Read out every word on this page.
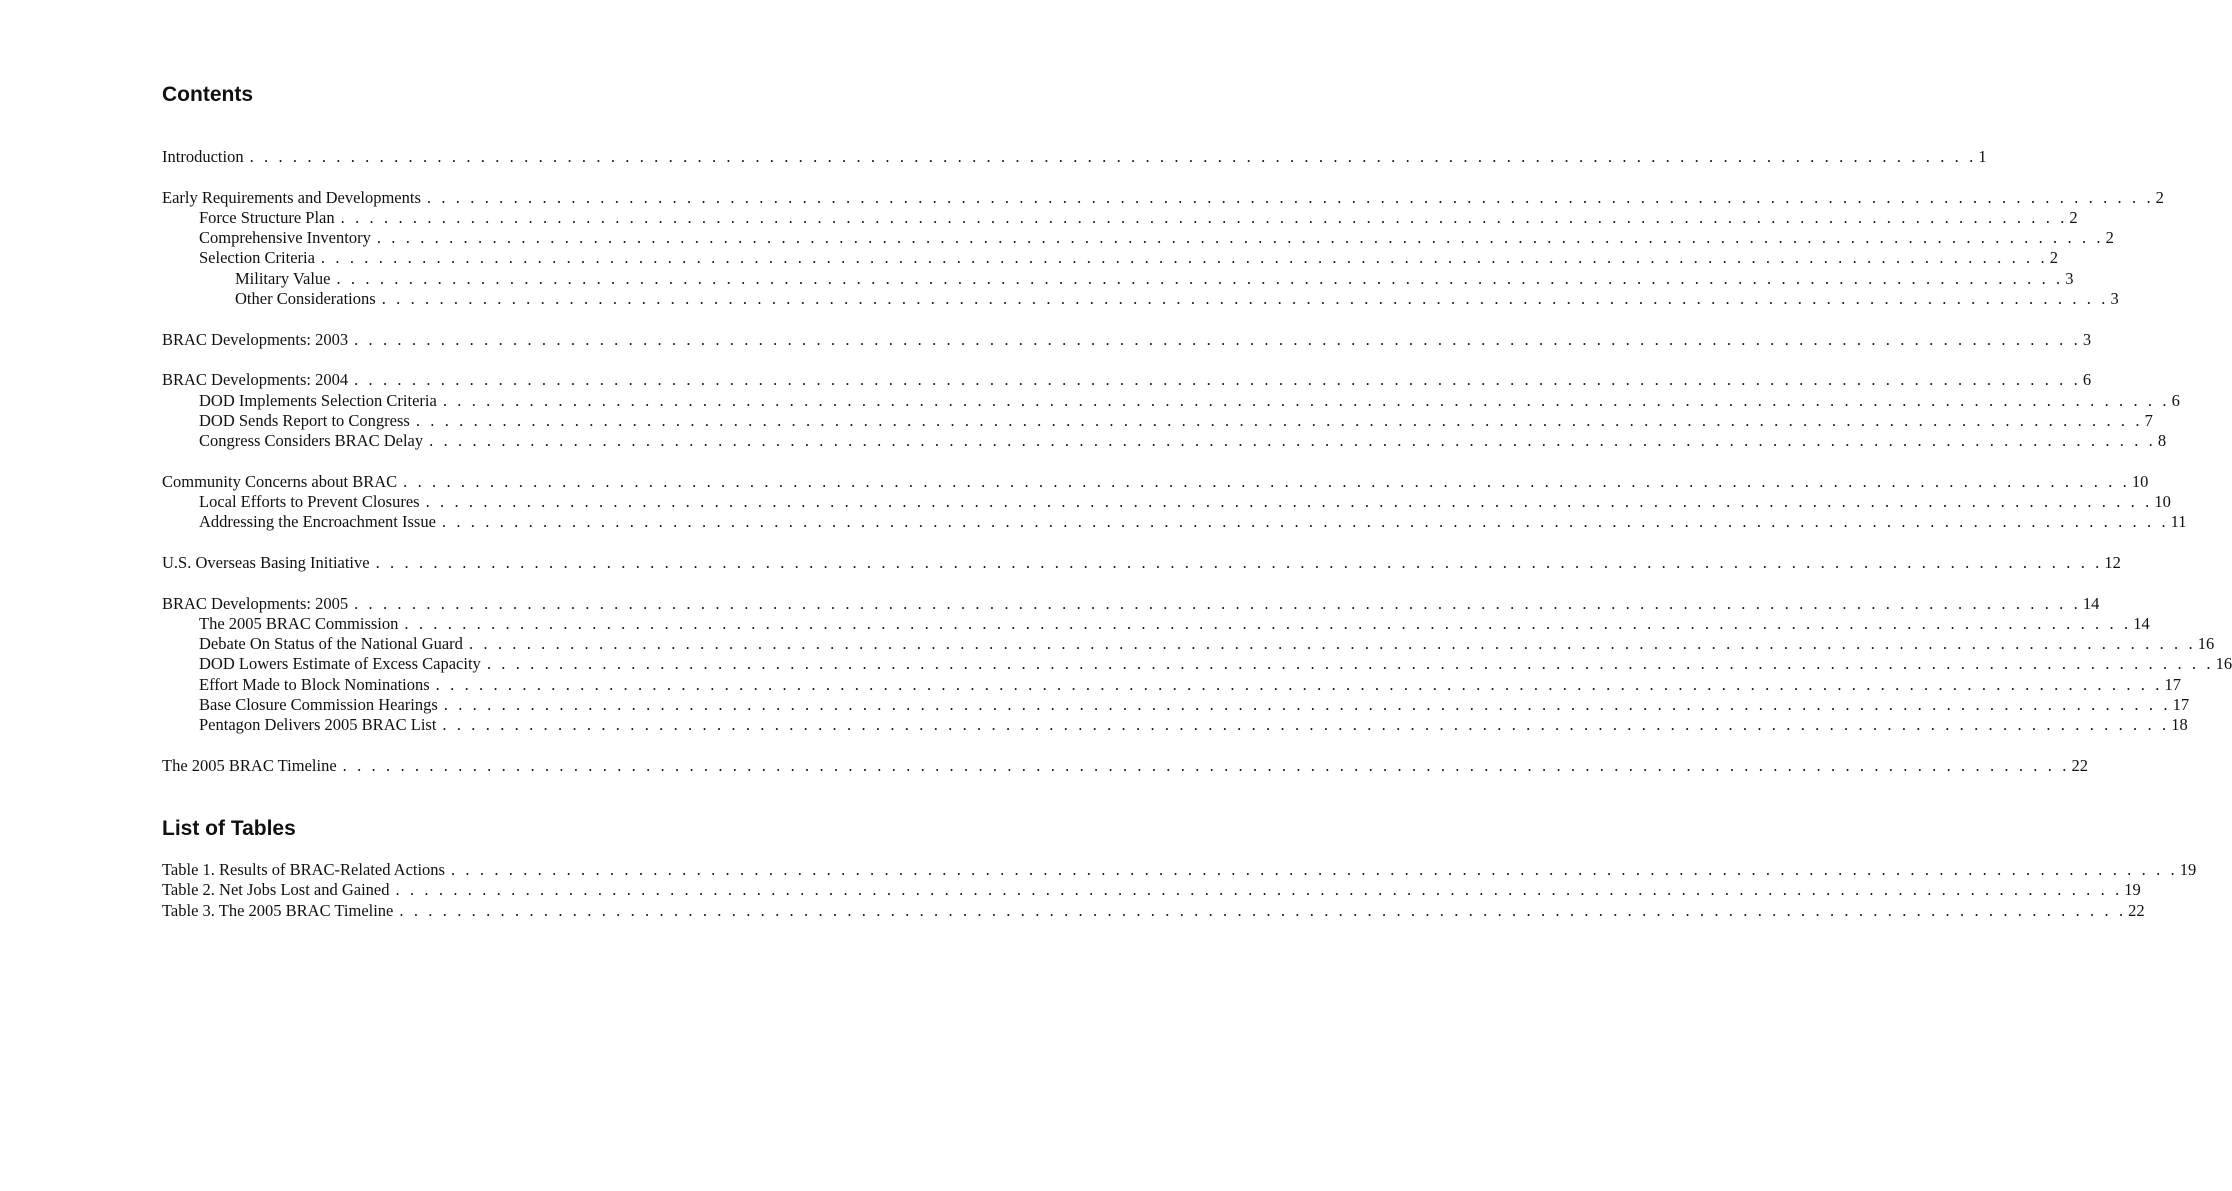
Contents
Introduction . . . . . . . . . . . . . . . . . . . . . . . . . . . . . . . . . . . . . . . . . . . . . . . . . . . . . . . . . . . . . . . . . . . . . . . . . . . . . . . . . . . . . . . . . . . . . . . . . . . . . . . . . . . . . . . . . . . . . . . . 1
Early Requirements and Developments . . . . . . . . . . . . . . . . . . . . . . . . . . . . . . . . . . . . . . . . . . . . . . . . . . . . . . . . . . . . . . . . . . . . . . . . . . . . . . . . . . . . . . . . . . . . . . . . . . . . . . . . . . . . . . . . . . . . . . . . 2
Force Structure Plan . . . . . . . . . . . . . . . . . . . . . . . . . . . . . . . . . . . . . . . . . . . . . . . . . . . . . . . . . . . . . . . . . . . . . . . . . . . . . . . . . . . . . . . . . . . . . . . . . . . . . . . . . . . . . . . . . . . . . . . . 2
Comprehensive Inventory . . . . . . . . . . . . . . . . . . . . . . . . . . . . . . . . . . . . . . . . . . . . . . . . . . . . . . . . . . . . . . . . . . . . . . . . . . . . . . . . . . . . . . . . . . . . . . . . . . . . . . . . . . . . . . . . . . . . . . . . 2
Selection Criteria . . . . . . . . . . . . . . . . . . . . . . . . . . . . . . . . . . . . . . . . . . . . . . . . . . . . . . . . . . . . . . . . . . . . . . . . . . . . . . . . . . . . . . . . . . . . . . . . . . . . . . . . . . . . . . . . . . . . . . . . 2
Military Value . . . . . . . . . . . . . . . . . . . . . . . . . . . . . . . . . . . . . . . . . . . . . . . . . . . . . . . . . . . . . . . . . . . . . . . . . . . . . . . . . . . . . . . . . . . . . . . . . . . . . . . . . . . . . . . . . . . . . . . . 3
Other Considerations . . . . . . . . . . . . . . . . . . . . . . . . . . . . . . . . . . . . . . . . . . . . . . . . . . . . . . . . . . . . . . . . . . . . . . . . . . . . . . . . . . . . . . . . . . . . . . . . . . . . . . . . . . . . . . . . . . . . . . . . 3
BRAC Developments: 2003 . . . . . . . . . . . . . . . . . . . . . . . . . . . . . . . . . . . . . . . . . . . . . . . . . . . . . . . . . . . . . . . . . . . . . . . . . . . . . . . . . . . . . . . . . . . . . . . . . . . . . . . . . . . . . . . . . . . . . . . . 3
BRAC Developments: 2004 . . . . . . . . . . . . . . . . . . . . . . . . . . . . . . . . . . . . . . . . . . . . . . . . . . . . . . . . . . . . . . . . . . . . . . . . . . . . . . . . . . . . . . . . . . . . . . . . . . . . . . . . . . . . . . . . . . . . . . . . 6
DOD Implements Selection Criteria . . . . . . . . . . . . . . . . . . . . . . . . . . . . . . . . . . . . . . . . . . . . . . . . . . . . . . . . . . . . . . . . . . . . . . . . . . . . . . . . . . . . . . . . . . . . . . . . . . . . . . . . . . . . . . . . . . . . . . . . 6
DOD Sends Report to Congress . . . . . . . . . . . . . . . . . . . . . . . . . . . . . . . . . . . . . . . . . . . . . . . . . . . . . . . . . . . . . . . . . . . . . . . . . . . . . . . . . . . . . . . . . . . . . . . . . . . . . . . . . . . . . . . . . . . . . . . . 7
Congress Considers BRAC Delay . . . . . . . . . . . . . . . . . . . . . . . . . . . . . . . . . . . . . . . . . . . . . . . . . . . . . . . . . . . . . . . . . . . . . . . . . . . . . . . . . . . . . . . . . . . . . . . . . . . . . . . . . . . . . . . . . . . . . . . . 8
Community Concerns about BRAC . . . . . . . . . . . . . . . . . . . . . . . . . . . . . . . . . . . . . . . . . . . . . . . . . . . . . . . . . . . . . . . . . . . . . . . . . . . . . . . . . . . . . . . . . . . . . . . . . . . . . . . . . . . . . . . . . . . . . . . . 10
Local Efforts to Prevent Closures . . . . . . . . . . . . . . . . . . . . . . . . . . . . . . . . . . . . . . . . . . . . . . . . . . . . . . . . . . . . . . . . . . . . . . . . . . . . . . . . . . . . . . . . . . . . . . . . . . . . . . . . . . . . . . . . . . . . . . . . 10
Addressing the Encroachment Issue . . . . . . . . . . . . . . . . . . . . . . . . . . . . . . . . . . . . . . . . . . . . . . . . . . . . . . . . . . . . . . . . . . . . . . . . . . . . . . . . . . . . . . . . . . . . . . . . . . . . . . . . . . . . . . . . . . . . . . . . 11
U.S. Overseas Basing Initiative . . . . . . . . . . . . . . . . . . . . . . . . . . . . . . . . . . . . . . . . . . . . . . . . . . . . . . . . . . . . . . . . . . . . . . . . . . . . . . . . . . . . . . . . . . . . . . . . . . . . . . . . . . . . . . . . . . . . . . . . 12
BRAC Developments: 2005 . . . . . . . . . . . . . . . . . . . . . . . . . . . . . . . . . . . . . . . . . . . . . . . . . . . . . . . . . . . . . . . . . . . . . . . . . . . . . . . . . . . . . . . . . . . . . . . . . . . . . . . . . . . . . . . . . . . . . . . . 14
The 2005 BRAC Commission . . . . . . . . . . . . . . . . . . . . . . . . . . . . . . . . . . . . . . . . . . . . . . . . . . . . . . . . . . . . . . . . . . . . . . . . . . . . . . . . . . . . . . . . . . . . . . . . . . . . . . . . . . . . . . . . . . . . . . . . 14
Debate On Status of the National Guard . . . . . . . . . . . . . . . . . . . . . . . . . . . . . . . . . . . . . . . . . . . . . . . . . . . . . . . . . . . . . . . . . . . . . . . . . . . . . . . . . . . . . . . . . . . . . . . . . . . . . . . . . . . . . . . . . . . . . . . . 16
DOD Lowers Estimate of Excess Capacity . . . . . . . . . . . . . . . . . . . . . . . . . . . . . . . . . . . . . . . . . . . . . . . . . . . . . . . . . . . . . . . . . . . . . . . . . . . . . . . . . . . . . . . . . . . . . . . . . . . . . . . . . . . . . . . . . . . . . . . . 16
Effort Made to Block Nominations . . . . . . . . . . . . . . . . . . . . . . . . . . . . . . . . . . . . . . . . . . . . . . . . . . . . . . . . . . . . . . . . . . . . . . . . . . . . . . . . . . . . . . . . . . . . . . . . . . . . . . . . . . . . . . . . . . . . . . . . 17
Base Closure Commission Hearings . . . . . . . . . . . . . . . . . . . . . . . . . . . . . . . . . . . . . . . . . . . . . . . . . . . . . . . . . . . . . . . . . . . . . . . . . . . . . . . . . . . . . . . . . . . . . . . . . . . . . . . . . . . . . . . . . . . . . . . . 17
Pentagon Delivers 2005 BRAC List . . . . . . . . . . . . . . . . . . . . . . . . . . . . . . . . . . . . . . . . . . . . . . . . . . . . . . . . . . . . . . . . . . . . . . . . . . . . . . . . . . . . . . . . . . . . . . . . . . . . . . . . . . . . . . . . . . . . . . . . 18
The 2005 BRAC Timeline . . . . . . . . . . . . . . . . . . . . . . . . . . . . . . . . . . . . . . . . . . . . . . . . . . . . . . . . . . . . . . . . . . . . . . . . . . . . . . . . . . . . . . . . . . . . . . . . . . . . . . . . . . . . . . . . . . . . . . . . 22
List of Tables
Table 1. Results of BRAC-Related Actions . . . . . . . . . . . . . . . . . . . . . . . . . . . . . . . . . . . . . . . . . . . . . . . . . . . . . . . . . . . . . . . . . . . . . . . . . . . . . . . . . . . . . . . . . . . . . . . . . . . . . . . . . . . . . . . . . . . . . . . . 19
Table 2. Net Jobs Lost and Gained . . . . . . . . . . . . . . . . . . . . . . . . . . . . . . . . . . . . . . . . . . . . . . . . . . . . . . . . . . . . . . . . . . . . . . . . . . . . . . . . . . . . . . . . . . . . . . . . . . . . . . . . . . . . . . . . . . . . . . . . 19
Table 3. The 2005 BRAC Timeline . . . . . . . . . . . . . . . . . . . . . . . . . . . . . . . . . . . . . . . . . . . . . . . . . . . . . . . . . . . . . . . . . . . . . . . . . . . . . . . . . . . . . . . . . . . . . . . . . . . . . . . . . . . . . . . . . . . . . . . . 22
